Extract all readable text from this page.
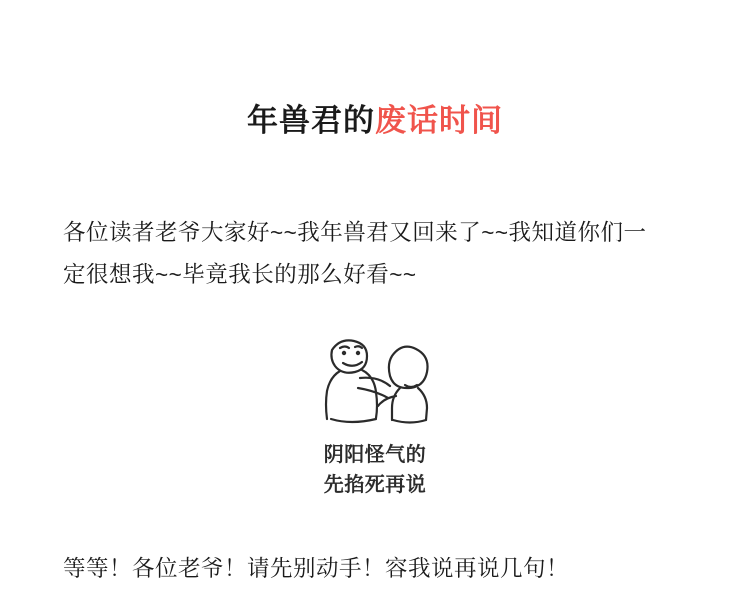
年兽君的废话时间
各位读者老爷大家好~~我年兽君又回来了~~我知道你们一定很想我~~毕竟我长的那么好看~~
阴阳怪气的
先掐死再说
等等！各位老爷！请先别动手！容我说再说几句！
